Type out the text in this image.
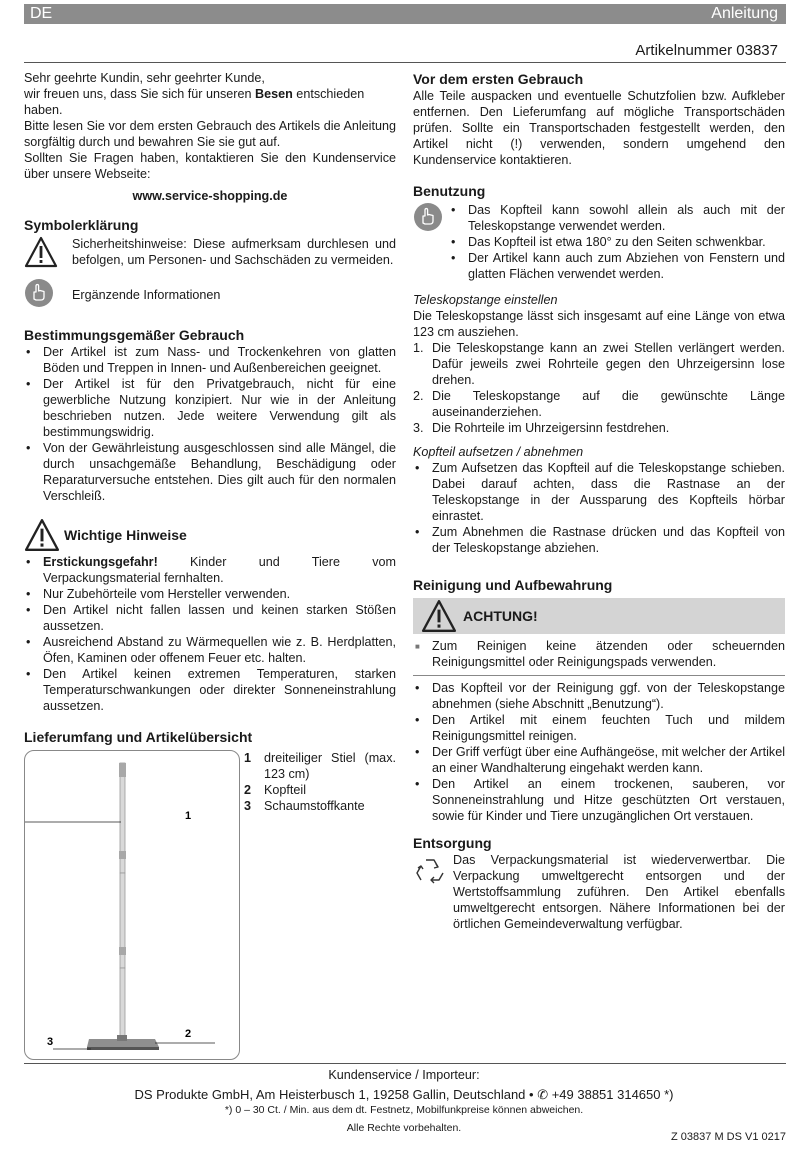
DE	Anleitung
Artikelnummer 03837

Sehr geehrte Kundin, sehr geehrter Kunde,

wir freuen uns, dass Sie sich für unseren Besen entschieden haben.

Bitte lesen Sie vor dem ersten Gebrauch des Artikels die Anleitung sorgfältig durch und bewahren Sie sie gut auf.

Sollten Sie Fragen haben, kontaktieren Sie den Kundenservice über unsere Webseite:

www.service-shopping.de

Symbolerklärung

Sicherheitshinweise: Diese aufmerksam durchlesen und befolgen, um Personen- und Sachschäden zu vermeiden.

Ergänzende Informationen

Bestimmungsgemäßer Gebrauch
• Der Artikel ist zum Nass- und Trockenkehren von glatten Böden und Treppen in Innen- und Außenbereichen geeignet.
• Der Artikel ist für den Privatgebrauch, nicht für eine gewerbliche Nutzung konzipiert. Nur wie in der Anleitung beschrieben nutzen. Jede weitere Verwendung gilt als bestimmungswidrig.
• Von der Gewährleistung ausgeschlossen sind alle Mängel, die durch unsachgemäße Behandlung, Beschädigung oder Reparaturversuche entstehen. Dies gilt auch für den normalen Verschleiß.
Wichtige Hinweise
• Erstickungsgefahr! Kinder und Tiere vom Verpackungsmaterial fernhalten.
• Nur Zubehörteile vom Hersteller verwenden.
• Den Artikel nicht fallen lassen und keinen starken Stößen aussetzen.
• Ausreichend Abstand zu Wärmequellen wie z. B. Herdplatten, Öfen, Kaminen oder offenem Feuer etc. halten.
• Den Artikel keinen extremen Temperaturen, starken Temperaturschwankungen oder direkter Sonneneinstrahlung aussetzen.
Lieferumfang und Artikelübersicht
1
2
3
1	dreiteiliger Stiel (max. 123 cm)
2	Kopfteil
3	Schaumstoffkante
Vor dem ersten Gebrauch

Alle Teile auspacken und eventuelle Schutzfolien bzw. Aufkleber entfernen. Den Lieferumfang auf mögliche Transportschäden prüfen. Sollte ein Transportschaden festgestellt werden, den Artikel nicht (!) verwenden, sondern umgehend den Kundenservice kontaktieren.

Benutzung
• Das Kopfteil kann sowohl allein als auch mit der Teleskopstange verwendet werden.
• Das Kopfteil ist etwa 180° zu den Seiten schwenkbar.
• Der Artikel kann auch zum Abziehen von Fenstern und glatten Flächen verwendet werden.

Teleskopstange einstellen

Die Teleskopstange lässt sich insgesamt auf eine Länge von etwa 123 cm ausziehen.

1. Die Teleskopstange kann an zwei Stellen verlängert werden. Dafür jeweils zwei Rohrteile gegen den Uhrzeigersinn lose drehen.
2. Die Teleskopstange auf die gewünschte Länge auseinanderziehen.
3. Die Rohrteile im Uhrzeigersinn festdrehen.

Kopfteil aufsetzen / abnehmen

• Zum Aufsetzen das Kopfteil auf die Teleskopstange schieben. Dabei darauf achten, dass die Rastnase an der Teleskopstange in der Aussparung des Kopfteils hörbar einrastet.
• Zum Abnehmen die Rastnase drücken und das Kopfteil von der Teleskopstange abziehen.
Reinigung und Aufbewahrung
ACHTUNG!
■ Zum Reinigen keine ätzenden oder scheuernden Reinigungsmittel oder Reinigungspads verwenden.
• Das Kopfteil vor der Reinigung ggf. von der Teleskopstange abnehmen (siehe Abschnitt „Benutzung“).
• Den Artikel mit einem feuchten Tuch und mildem Reinigungsmittel reinigen.
• Der Griff verfügt über eine Aufhängeöse, mit welcher der Artikel an einer Wandhalterung eingehakt werden kann.
• Den Artikel an einem trockenen, sauberen, vor Sonneneinstrahlung und Hitze geschützten Ort verstauen, sowie für Kinder und Tiere unzugänglichen Ort verstauen.
Entsorgung

Das Verpackungsmaterial ist wiederverwertbar. Die Verpackung umweltgerecht entsorgen und der Wertstoffsammlung zuführen. Den Artikel ebenfalls umweltgerecht entsorgen. Nähere Informationen bei der örtlichen Gemeindeverwaltung verfügbar.

Kundenservice / Importeur:
DS Produkte GmbH, Am Heisterbusch 1, 19258 Gallin, Deutschland • ✆ +49 38851 314650 *)
*) 0 – 30 Ct. / Min. aus dem dt. Festnetz, Mobilfunkpreise können abweichen.
Alle Rechte vorbehalten.
Z 03837 M DS V1 0217
